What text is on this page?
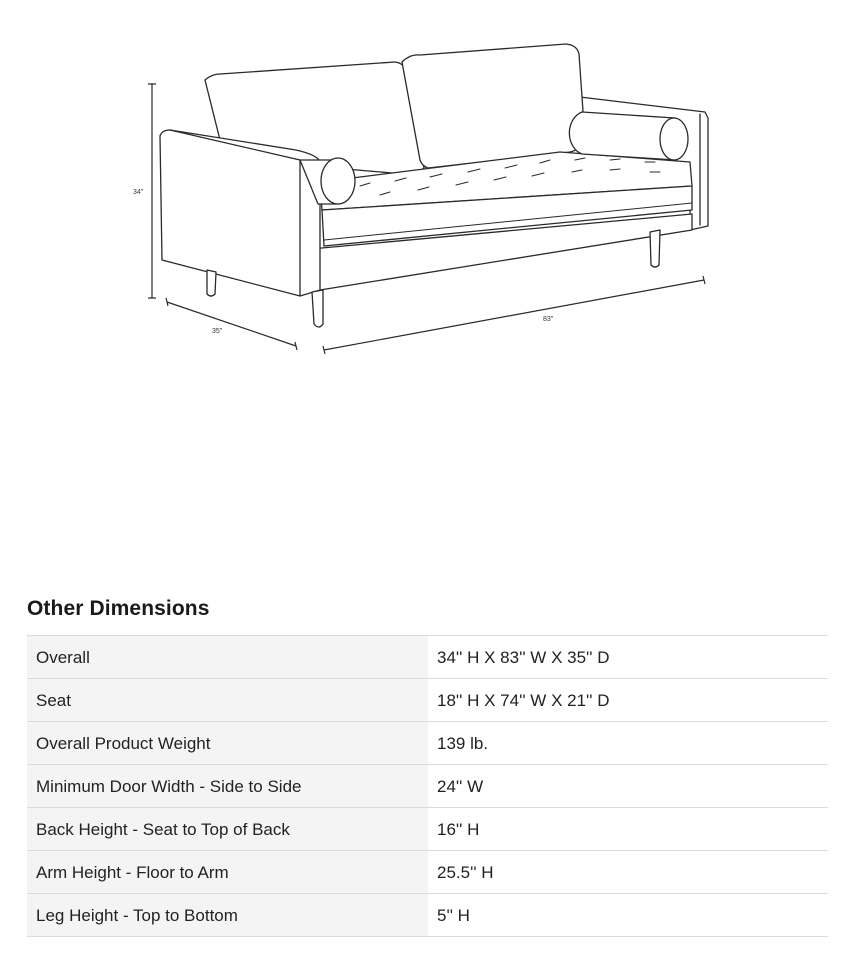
34"
35"
83"
Other Dimensions
Overall	34'' H X 83'' W X 35'' D
Seat	18'' H X 74'' W X 21'' D
Overall Product Weight	139 lb.
Minimum Door Width - Side to Side	24'' W
Back Height - Seat to Top of Back	16'' H
Arm Height - Floor to Arm	25.5'' H
Leg Height - Top to Bottom	5'' H
